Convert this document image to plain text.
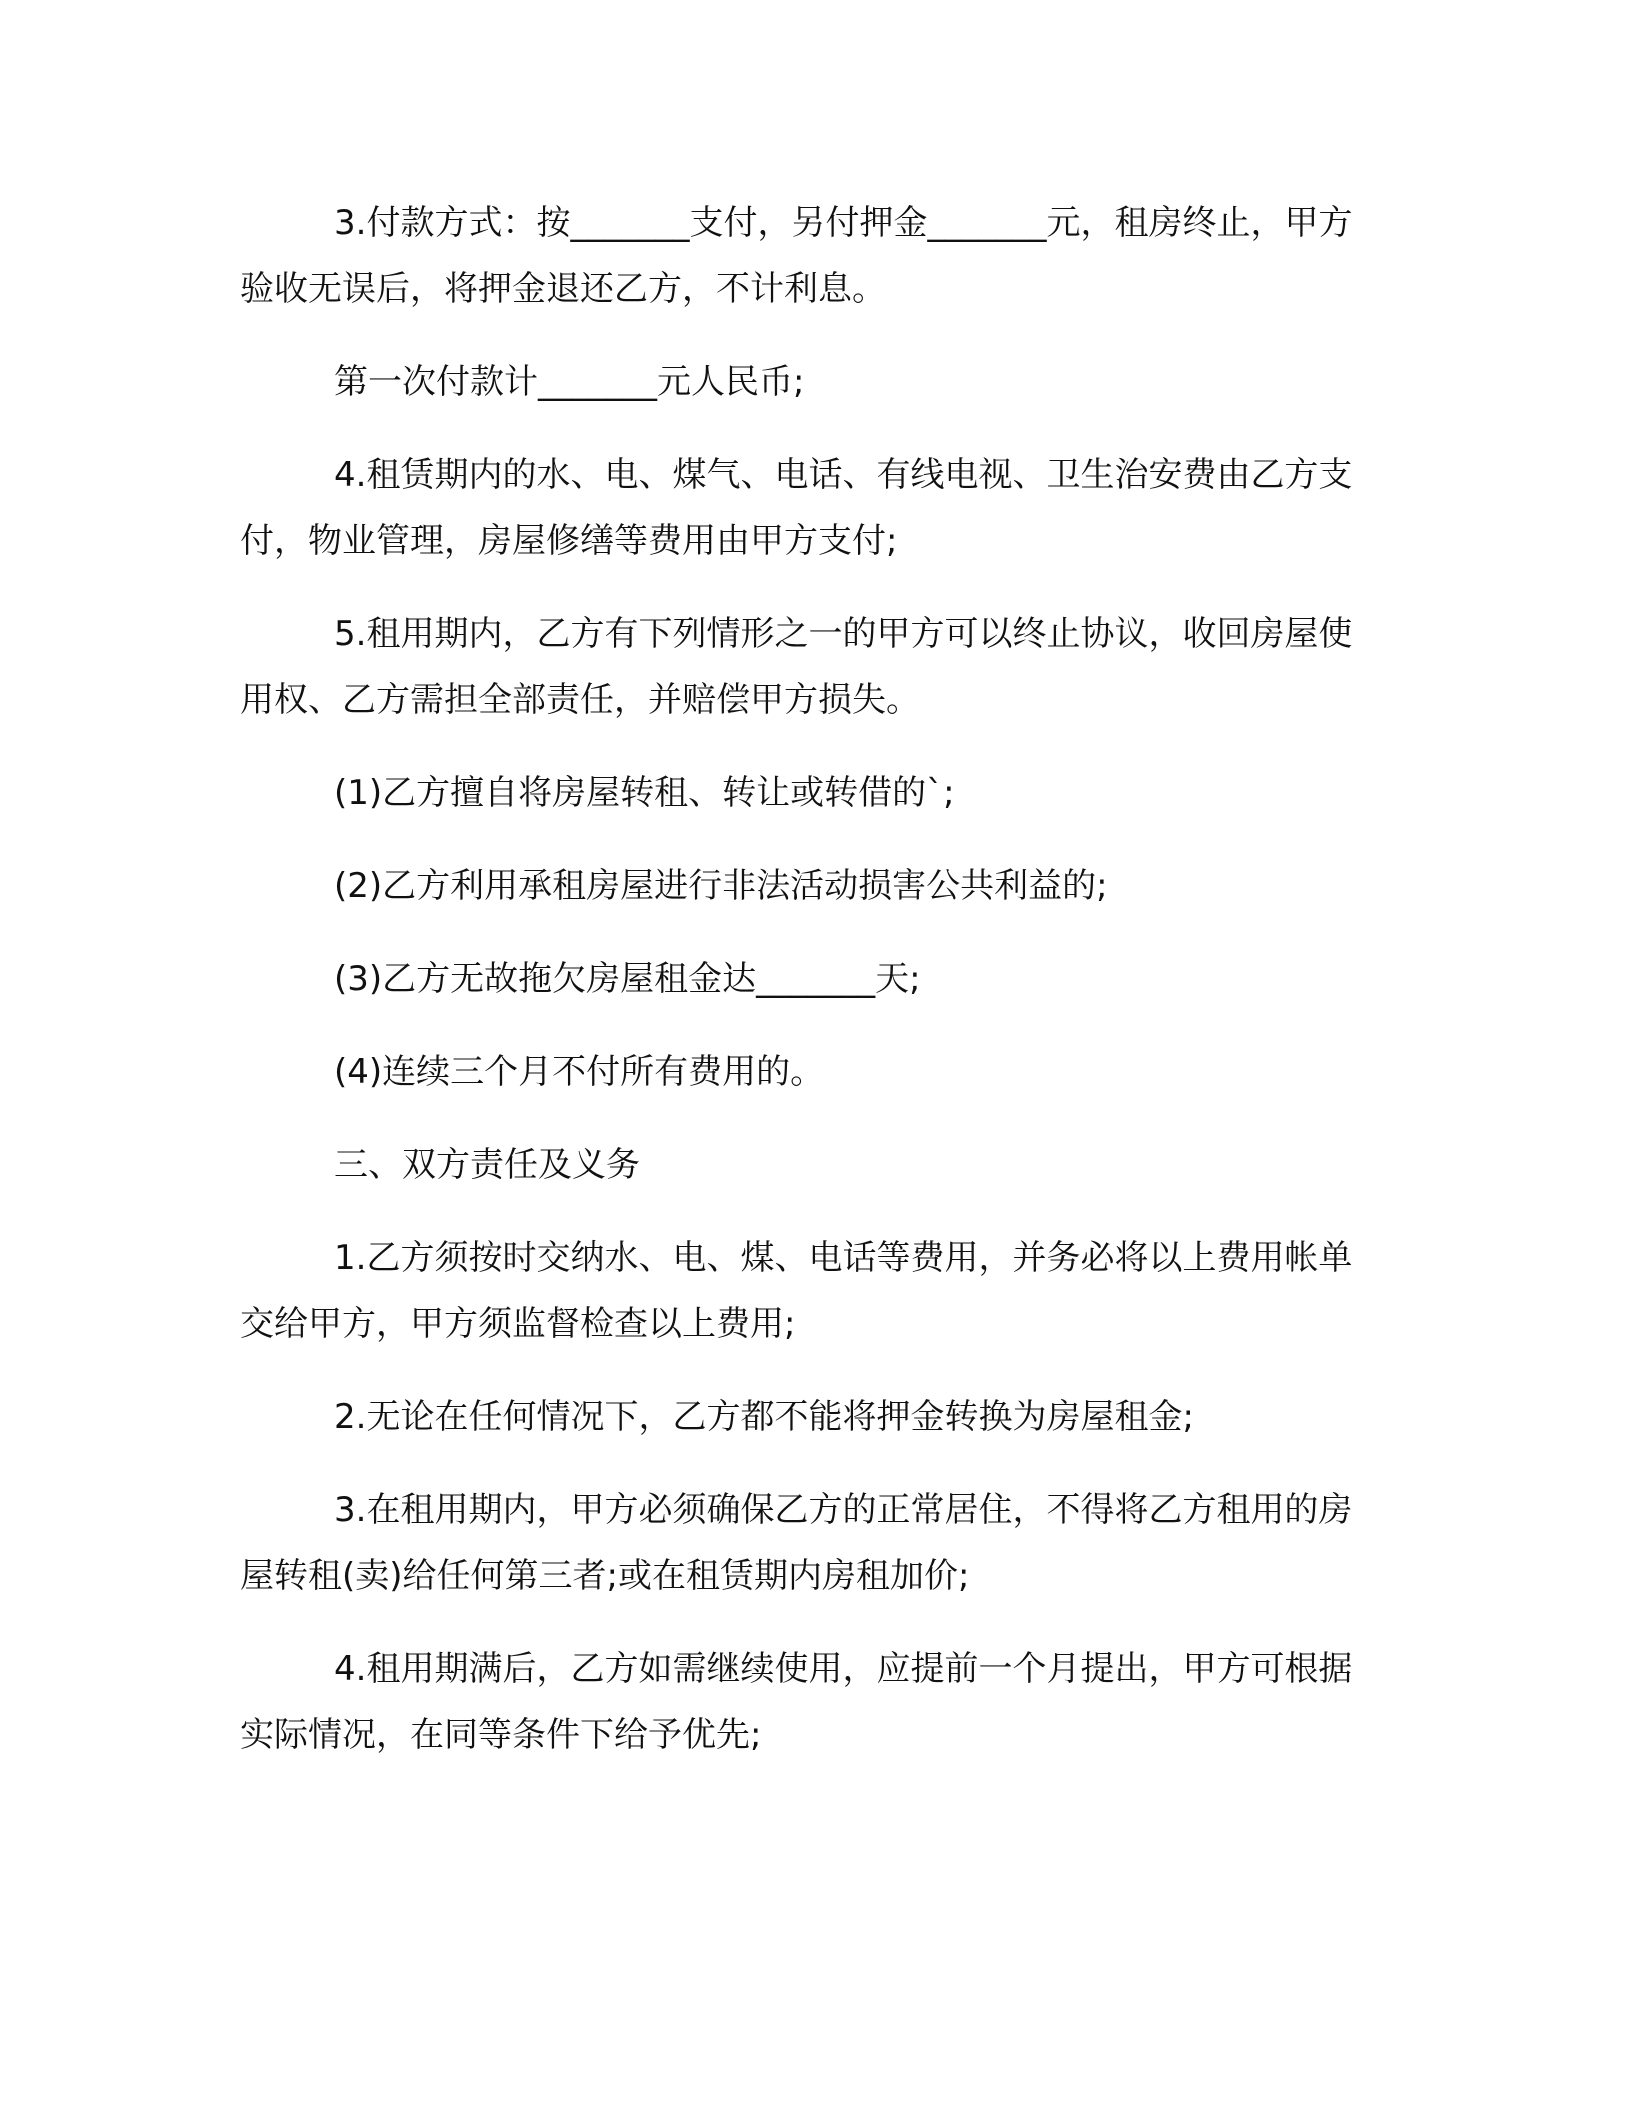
3.付款方式：按_______支付，另付押金_______元，租房终止，甲方验收无误后，将押金退还乙方，不计利息。

第一次付款计_______元人民币;

4.租赁期内的水、电、煤气、电话、有线电视、卫生治安费由乙方支付，物业管理，房屋修缮等费用由甲方支付;

5.租用期内，乙方有下列情形之一的甲方可以终止协议，收回房屋使用权、乙方需担全部责任，并赔偿甲方损失。

(1)乙方擅自将房屋转租、转让或转借的`;

(2)乙方利用承租房屋进行非法活动损害公共利益的;

(3)乙方无故拖欠房屋租金达_______天;

(4)连续三个月不付所有费用的。

三、双方责任及义务

1.乙方须按时交纳水、电、煤、电话等费用，并务必将以上费用帐单交给甲方，甲方须监督检查以上费用;

2.无论在任何情况下，乙方都不能将押金转换为房屋租金;

3.在租用期内，甲方必须确保乙方的正常居住，不得将乙方租用的房屋转租(卖)给任何第三者;或在租赁期内房租加价;

4.租用期满后，乙方如需继续使用，应提前一个月提出，甲方可根据实际情况，在同等条件下给予优先;
